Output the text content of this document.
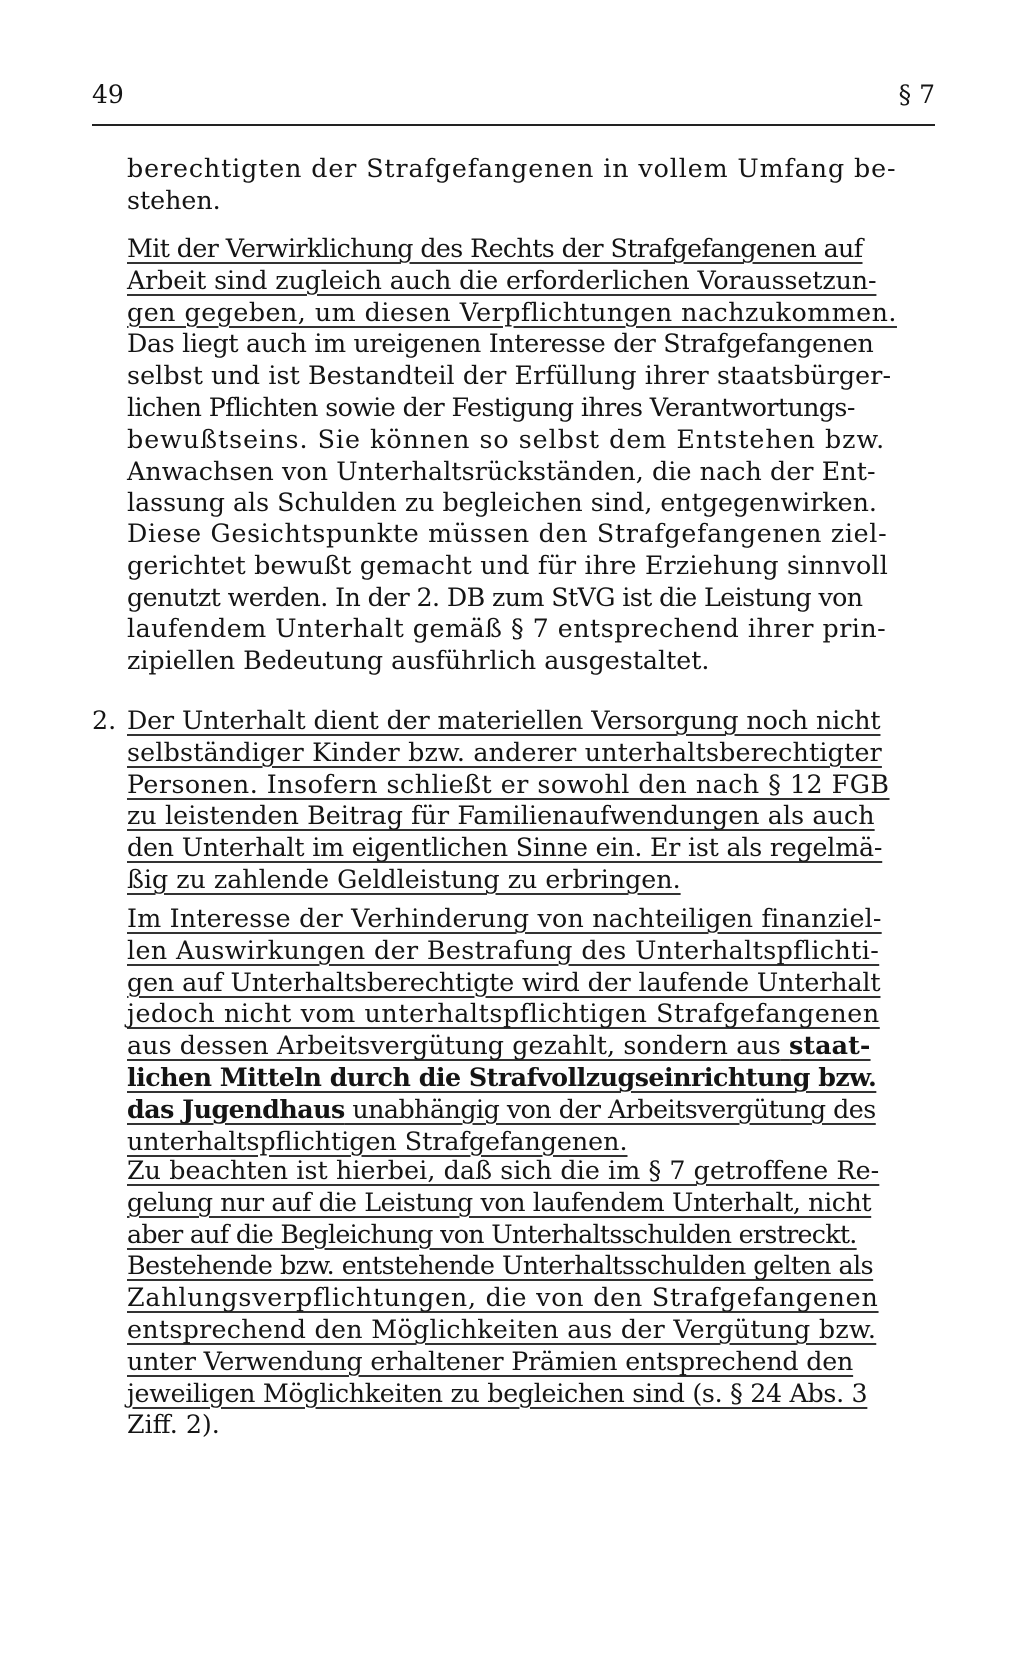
49	§ 7
berechtigten der Strafgefangenen in vollem Umfang be-
stehen.
Mit der Verwirklichung des Rechts der Strafgefangenen auf
Arbeit sind zugleich auch die erforderlichen Voraussetzun-
gen gegeben, um diesen Verpflichtungen nachzukommen.
Das liegt auch im ureigenen Interesse der Strafgefangenen
selbst und ist Bestandteil der Erfüllung ihrer staatsbürger-
lichen Pflichten sowie der Festigung ihres Verantwortungs-
bewußtseins. Sie können so selbst dem Entstehen bzw.
Anwachsen von Unterhaltsrückständen, die nach der Ent-
lassung als Schulden zu begleichen sind, entgegenwirken.
Diese Gesichtspunkte müssen den Strafgefangenen ziel-
gerichtet bewußt gemacht und für ihre Erziehung sinnvoll
genutzt werden. In der 2. DB zum StVG ist die Leistung von
laufendem Unterhalt gemäß § 7 entsprechend ihrer prin-
zipiellen Bedeutung ausführlich ausgestaltet.
2. Der Unterhalt dient der materiellen Versorgung noch nicht
selbständiger Kinder bzw. anderer unterhaltsberechtigter
Personen. Insofern schließt er sowohl den nach § 12 FGB
zu leistenden Beitrag für Familienaufwendungen als auch
den Unterhalt im eigentlichen Sinne ein. Er ist als regelmä-
ßig zu zahlende Geldleistung zu erbringen.
Im Interesse der Verhinderung von nachteiligen finanziel-
len Auswirkungen der Bestrafung des Unterhaltspflichti-
gen auf Unterhaltsberechtigte wird der laufende Unterhalt
jedoch nicht vom unterhaltspflichtigen Strafgefangenen
aus dessen Arbeitsvergütung gezahlt, sondern aus staat-
lichen Mitteln durch die Strafvollzugseinrichtung bzw.
das Jugendhaus unabhängig von der Arbeitsvergütung des
unterhaltspflichtigen Strafgefangenen.
Zu beachten ist hierbei, daß sich die im § 7 getroffene Re-
gelung nur auf die Leistung von laufendem Unterhalt, nicht
aber auf die Begleichung von Unterhaltsschulden erstreckt.
Bestehende bzw. entstehende Unterhaltsschulden gelten als
Zahlungsverpflichtungen, die von den Strafgefangenen
entsprechend den Möglichkeiten aus der Vergütung bzw.
unter Verwendung erhaltener Prämien entsprechend den
jeweiligen Möglichkeiten zu begleichen sind (s. § 24 Abs. 3
Ziff. 2).
